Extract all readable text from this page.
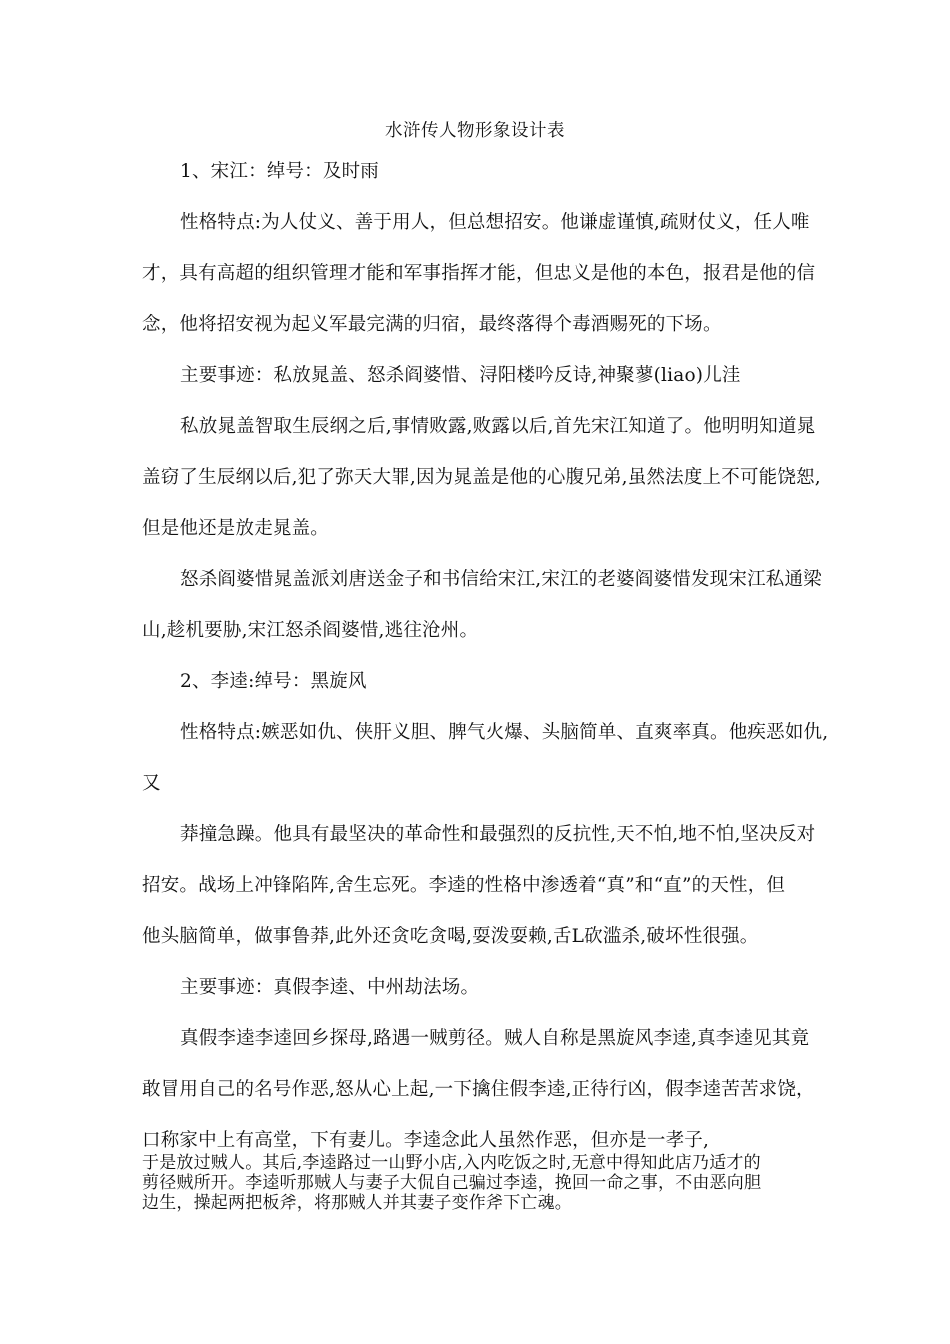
水浒传人物形象设计表
1、宋江：绰号：及时雨
性格特点:为人仗义、善于用人，但总想招安。他谦虚谨慎,疏财仗义，任人唯
才，具有高超的组织管理才能和军事指挥才能，但忠义是他的本色，报君是他的信
念，他将招安视为起义军最完满的归宿，最终落得个毒酒赐死的下场。
主要事迹：私放晁盖、怒杀阎婆惜、浔阳楼吟反诗,神聚蓼(liao)儿洼
私放晁盖智取生辰纲之后,事情败露,败露以后,首先宋江知道了。他明明知道晁
盖窃了生辰纲以后,犯了弥天大罪,因为晁盖是他的心腹兄弟,虽然法度上不可能饶恕,
但是他还是放走晁盖。
怒杀阎婆惜晁盖派刘唐送金子和书信给宋江,宋江的老婆阎婆惜发现宋江私通梁
山,趁机要胁,宋江怒杀阎婆惜,逃往沧州。
2、李逵:绰号：黑旋风
性格特点:嫉恶如仇、侠肝义胆、脾气火爆、头脑简单、直爽率真。他疾恶如仇,
又
莽撞急躁。他具有最坚决的革命性和最强烈的反抗性,天不怕,地不怕,坚决反对
招安。战场上冲锋陷阵,舍生忘死。李逵的性格中渗透着“真”和“直”的天性，但
他头脑简单，做事鲁莽,此外还贪吃贪喝,耍泼耍赖,舌L砍滥杀,破坏性很强。
主要事迹：真假李逵、中州劫法场。
真假李逵李逵回乡探母,路遇一贼剪径。贼人自称是黑旋风李逵,真李逵见其竟
敢冒用自己的名号作恶,怒从心上起,一下擒住假李逵,正待行凶，假李逵苦苦求饶，
口称家中上有高堂，下有妻儿。李逵念此人虽然作恶，但亦是一孝子,
于是放过贼人。其后,李逵路过一山野小店,入内吃饭之时,无意中得知此店乃适才的
剪径贼所开。李逵听那贼人与妻子大侃自己骗过李逵，挽回一命之事，不由恶向胆
边生，操起两把板斧，将那贼人并其妻子变作斧下亡魂。
